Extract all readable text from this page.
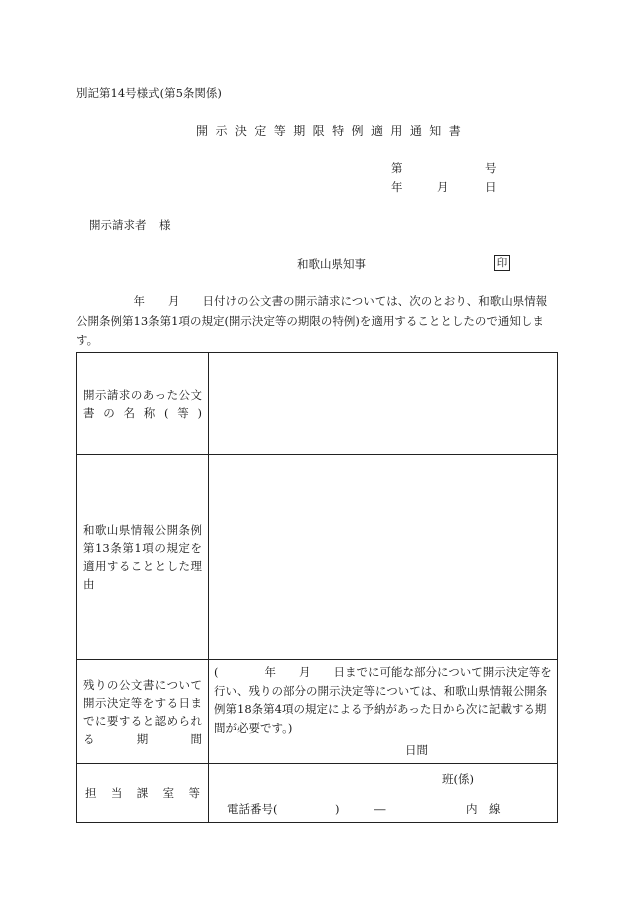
別記第14号様式(第5条関係)
開示決定等期限特例適用通知書
第	号
年	月	日
開示請求者 様
和歌山県知事	印
　　　　　年　　月　　日付けの公文書の開示請求については、次のとおり、和歌山県情報公開条例第13条第1項の規定(開示決定等の期限の特例)を適用することとしたので通知します。
開示請求のあった公文書の名称(等)	

和歌山県情報公開条例第13条第1項の規定を適用することとした理由	

残りの公文書について開示決定等をする日までに要すると認められる期間	(　　　　年　　月　　日までに可能な部分について開示決定等を行い、残りの部分の開示決定等については、和歌山県情報公開条例第18条第4項の規定による予納があった日から次に記載する期間が必要です。)
日間

担当課室等	班(係)
電話番号(　　　　　)　　　―　　　　　　　内　線
